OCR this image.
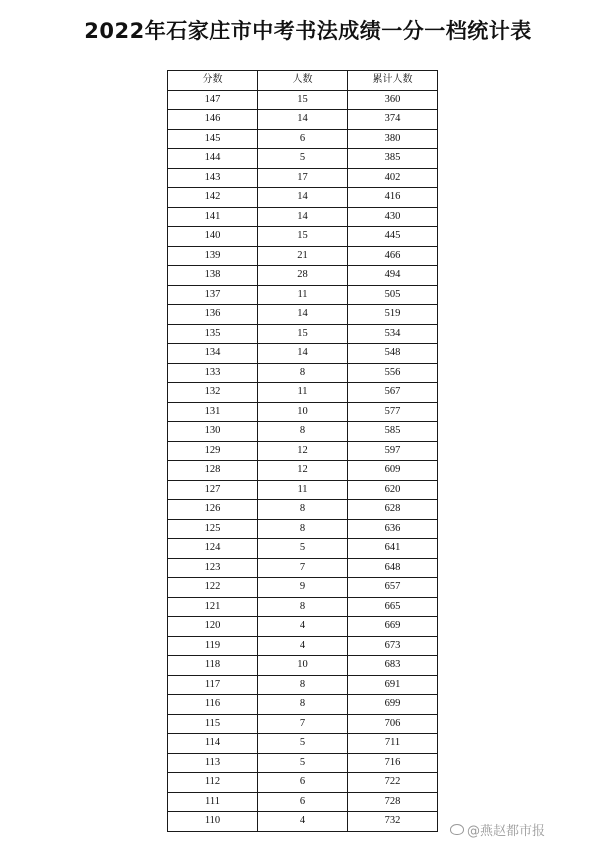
2022年石家庄市中考书法成绩一分一档统计表
分数	人数	累计人数
147	15	360
146	14	374
145	6	380
144	5	385
143	17	402
142	14	416
141	14	430
140	15	445
139	21	466
138	28	494
137	11	505
136	14	519
135	15	534
134	14	548
133	8	556
132	11	567
131	10	577
130	8	585
129	12	597
128	12	609
127	11	620
126	8	628
125	8	636
124	5	641
123	7	648
122	9	657
121	8	665
120	4	669
119	4	673
118	10	683
117	8	691
116	8	699
115	7	706
114	5	711
113	5	716
112	6	722
111	6	728
110	4	732
@燕赵都市报
